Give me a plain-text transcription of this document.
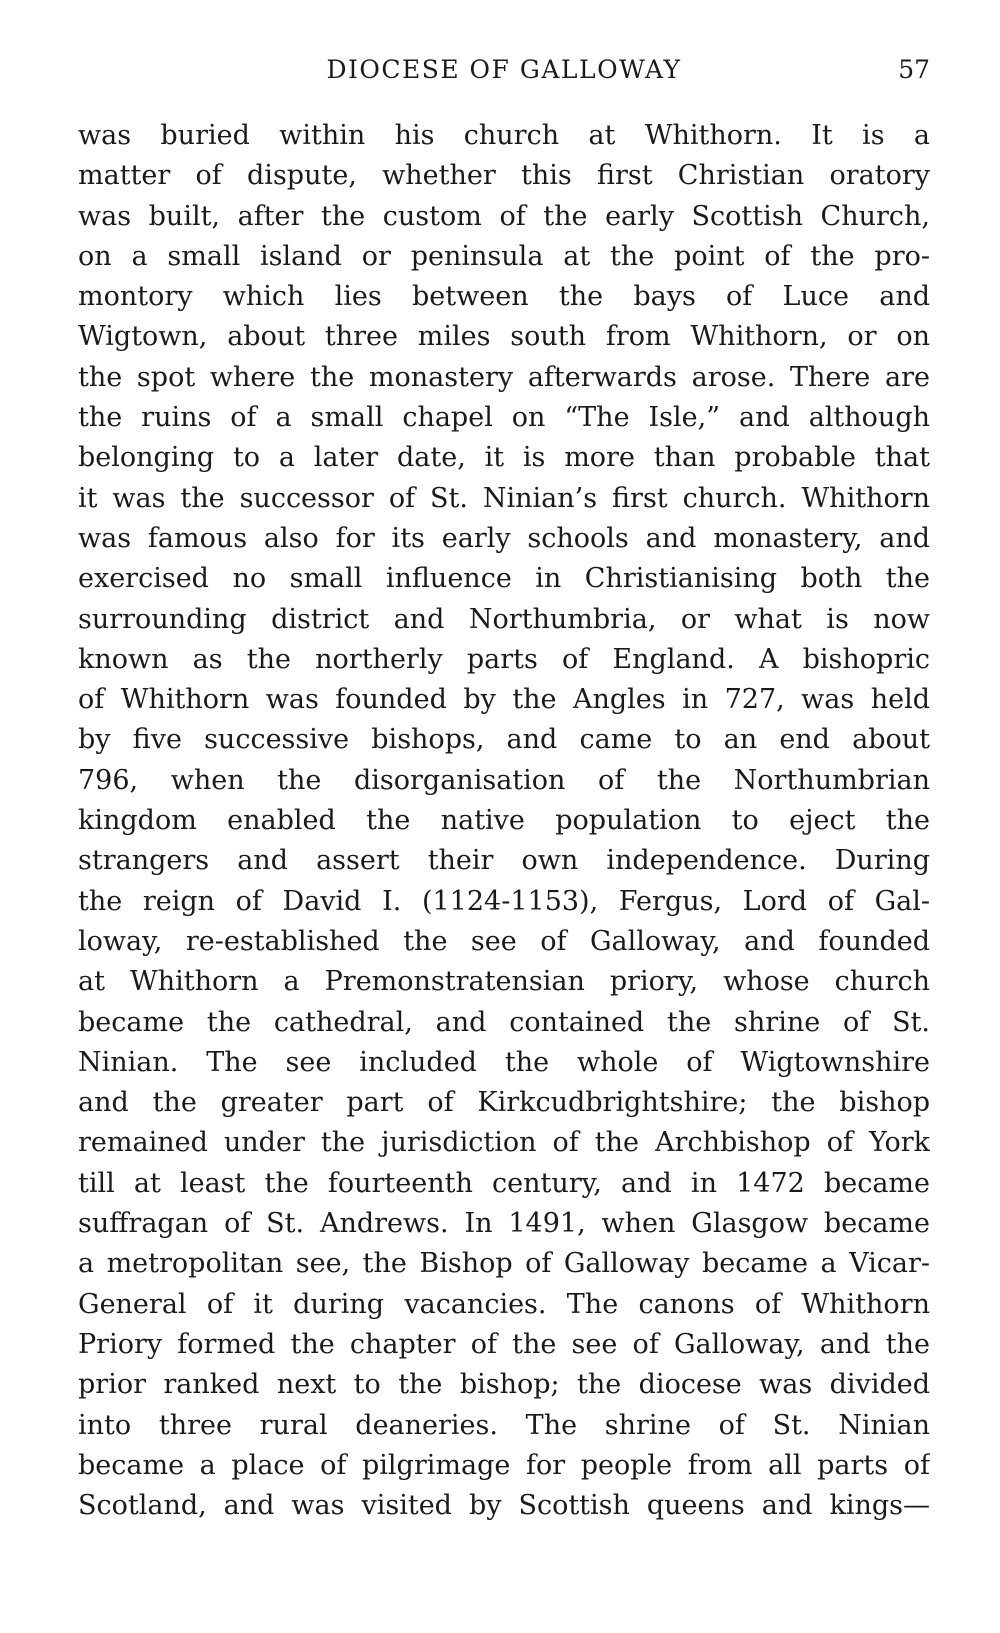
DIOCESE OF GALLOWAY	57
was buried within his church at Whithorn. It is a
matter of dispute, whether this first Christian oratory
was built, after the custom of the early Scottish Church,
on a small island or peninsula at the point of the pro-
montory which lies between the bays of Luce and
Wigtown, about three miles south from Whithorn, or on
the spot where the monastery afterwards arose. There are
the ruins of a small chapel on “The Isle,” and although
belonging to a later date, it is more than probable that
it was the successor of St. Ninian’s first church. Whithorn
was famous also for its early schools and monastery, and
exercised no small influence in Christianising both the
surrounding district and Northumbria, or what is now
known as the northerly parts of England. A bishopric
of Whithorn was founded by the Angles in 727, was held
by five successive bishops, and came to an end about
796, when the disorganisation of the Northumbrian
kingdom enabled the native population to eject the
strangers and assert their own independence. During
the reign of David I. (1124-1153), Fergus, Lord of Gal-
loway, re-established the see of Galloway, and founded
at Whithorn a Premonstratensian priory, whose church
became the cathedral, and contained the shrine of St.
Ninian. The see included the whole of Wigtownshire
and the greater part of Kirkcudbrightshire; the bishop
remained under the jurisdiction of the Archbishop of York
till at least the fourteenth century, and in 1472 became
suffragan of St. Andrews. In 1491, when Glasgow became
a metropolitan see, the Bishop of Galloway became a Vicar-
General of it during vacancies. The canons of Whithorn
Priory formed the chapter of the see of Galloway, and the
prior ranked next to the bishop; the diocese was divided
into three rural deaneries. The shrine of St. Ninian
became a place of pilgrimage for people from all parts of
Scotland, and was visited by Scottish queens and kings—
